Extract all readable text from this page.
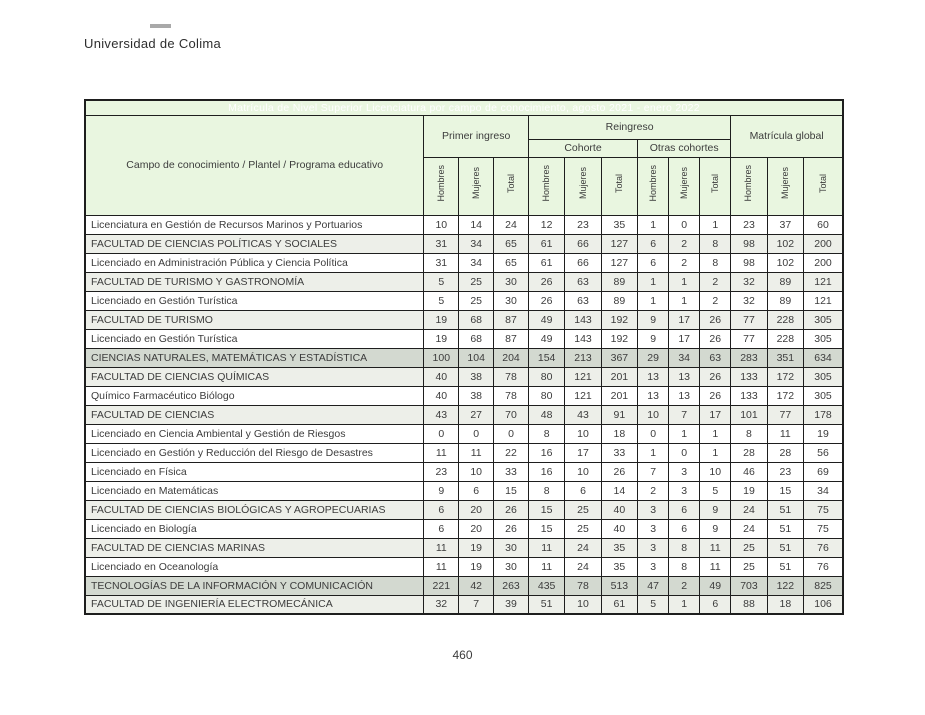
Universidad de Colima
Matrícula de Nivel Superior Licenciatura por campo de conocimiento, agosto 2021 - enero 2022												
Campo de conocimiento / Plantel / Programa educativo	Primer ingreso			Reingreso						Matrícula global		
				Cohorte			Otras cohortes					
	Hombres	Mujeres	Total	Hombres	Mujeres	Total	Hombres	Mujeres	Total	Hombres	Mujeres	Total
Licenciatura en Gestión de Recursos Marinos y Portuarios	10	14	24	12	23	35	1	0	1	23	37	60
FACULTAD DE CIENCIAS POLÍTICAS Y SOCIALES	31	34	65	61	66	127	6	2	8	98	102	200
Licenciado en Administración Pública y Ciencia Política	31	34	65	61	66	127	6	2	8	98	102	200
FACULTAD DE TURISMO Y GASTRONOMÍA	5	25	30	26	63	89	1	1	2	32	89	121
Licenciado en Gestión Turística	5	25	30	26	63	89	1	1	2	32	89	121
FACULTAD DE TURISMO	19	68	87	49	143	192	9	17	26	77	228	305
Licenciado en Gestión Turística	19	68	87	49	143	192	9	17	26	77	228	305
CIENCIAS NATURALES, MATEMÁTICAS Y ESTADÍSTICA	100	104	204	154	213	367	29	34	63	283	351	634
FACULTAD DE CIENCIAS QUÍMICAS	40	38	78	80	121	201	13	13	26	133	172	305
Químico Farmacéutico Biólogo	40	38	78	80	121	201	13	13	26	133	172	305
FACULTAD DE CIENCIAS	43	27	70	48	43	91	10	7	17	101	77	178
Licenciado en Ciencia Ambiental y Gestión de Riesgos	0	0	0	8	10	18	0	1	1	8	11	19
Licenciado en Gestión y Reducción del Riesgo de Desastres	11	11	22	16	17	33	1	0	1	28	28	56
Licenciado en Física	23	10	33	16	10	26	7	3	10	46	23	69
Licenciado en Matemáticas	9	6	15	8	6	14	2	3	5	19	15	34
FACULTAD DE CIENCIAS BIOLÓGICAS Y AGROPECUARIAS	6	20	26	15	25	40	3	6	9	24	51	75
Licenciado en Biología	6	20	26	15	25	40	3	6	9	24	51	75
FACULTAD DE CIENCIAS MARINAS	11	19	30	11	24	35	3	8	11	25	51	76
Licenciado en Oceanología	11	19	30	11	24	35	3	8	11	25	51	76
TECNOLOGÍAS DE LA INFORMACIÓN Y COMUNICACIÓN	221	42	263	435	78	513	47	2	49	703	122	825
FACULTAD DE INGENIERÍA ELECTROMECÁNICA	32	7	39	51	10	61	5	1	6	88	18	106
460
